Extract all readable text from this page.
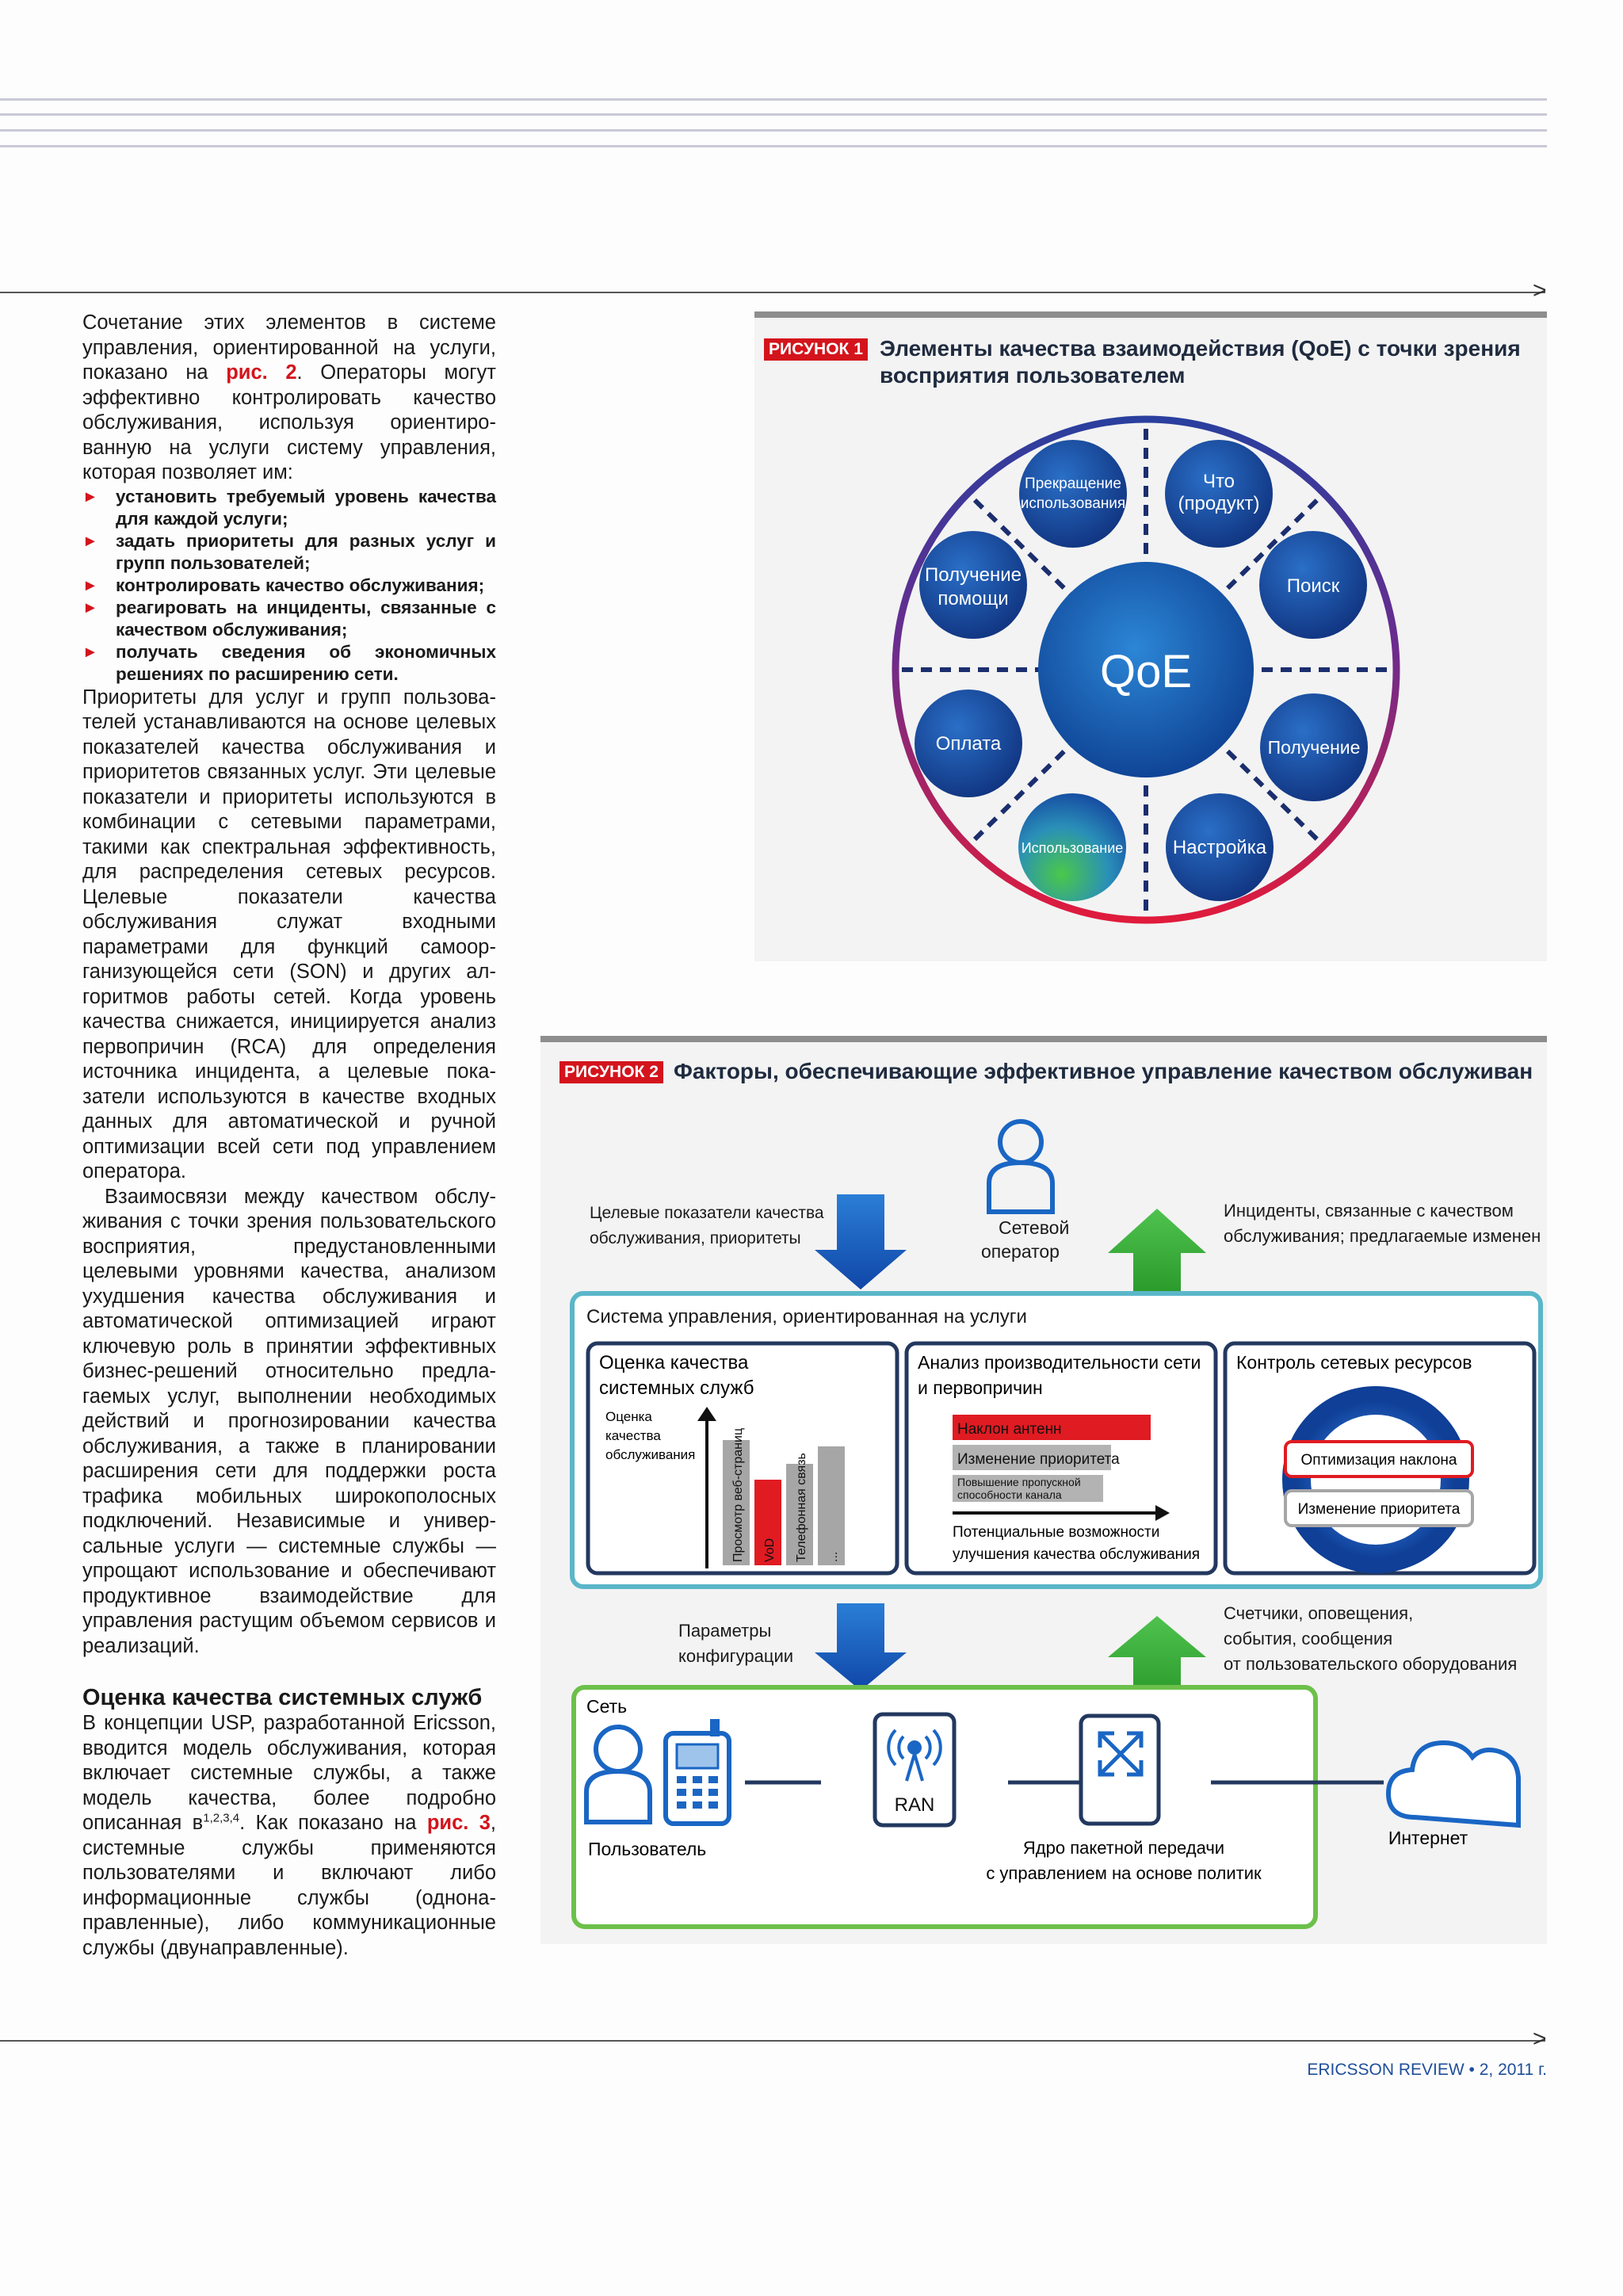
>

Сочетание этих элементов в системе управления, ориентированной на услуги, показано на рис. 2. Операторы могут эффективно контролировать качество обслуживания, используя ориентированную на услуги систему управления, которая позволяет им:

► установить требуемый уровень качества для каждой услуги;
► задать приоритеты для разных услуг и групп пользователей;
► контролировать качество обслуживания;
► реагировать на инциденты, связанные с качеством обслуживания;
► получать сведения об экономичных решениях по расширению сети.

Приоритеты для услуг и групп пользователей устанавливаются на основе целевых показателей качества обслуживания и приоритетов связанных услуг. Эти целевые показатели и приоритеты используются в комбинации с сетевыми параметрами, такими как спектральная эффективность, для распределения сетевых ресурсов. Целевые показатели качества обслуживания служат входными параметрами для функций самоорганизующейся сети (SON) и других алгоритмов работы сетей. Когда уровень качества снижается, инициируется анализ первопричин (RCA) для определения источника инцидента, а целевые показатели используются в качестве входных данных для автоматической и ручной оптимизации всей сети под управлением оператора.

Взаимосвязи между качеством обслуживания с точки зрения пользовательского восприятия, предустановленными целевыми уровнями качества, анализом ухудшения качества обслуживания и автоматической оптимизацией играют ключевую роль в принятии эффективных бизнес-решений относительно предлагаемых услуг, выполнении необходимых действий и прогнозировании качества обслуживания, а также в планировании расширения сети для поддержки роста трафика мобильных широкополосных подключений. Независимые и универсальные услуги — системные службы — упрощают использование и обеспечивают продуктивное взаимодействие для управления растущим объемом сервисов и реализаций.

Оценка качества системных служб

В концепции USP, разработанной Ericsson, вводится модель обслуживания, которая включает системные службы, а также модель качества, более подробно описанная $в^{1,2,3,4}$. Как показано на рис. 3, системные службы применяются пользователями и включают либо информационные службы (однонаправленные), либо коммуникационные службы (двунаправленные).

РИСУНОК 1 Элементы качества взаимодействия (QoE) с точки зрения
восприятия пользователем
QoE
Прекращение
использования
Что
(продукт)
Получение
помощи
Поиск
Оплата	Получение
Использование	Настройка
РИСУНОК 2 Факторы, обеспечивающие эффективное управление качеством обслуживан
Сетевой
оператор
Целевые показатели качества
обслуживания, приоритеты
Инциденты, связанные с качеством
обслуживания; предлагаемые изменен
Система управления, ориентированная на услуги
Оценка качества
системных служб
Оценка
качества
обслуживания	Просмотр веб-страниц VoD Телефонная связь ...
Анализ производительности сети
и первопричин
Наклон антенн
Изменение приоритета
Повышение пропускной
способности канала
Потенциальные возможности
улучшения качества обслуживания
Контроль сетевых ресурсов
Оптимизация наклона
Изменение приоритета
Параметры
конфигурации
Счетчики, оповещения,
события, сообщения
от пользовательского оборудования
Сеть
Пользователь
RAN
Ядро пакетной передачи
с управлением на основе политик
Интернет
>
ERICSSON REVIEW • 2, 2011 г.
